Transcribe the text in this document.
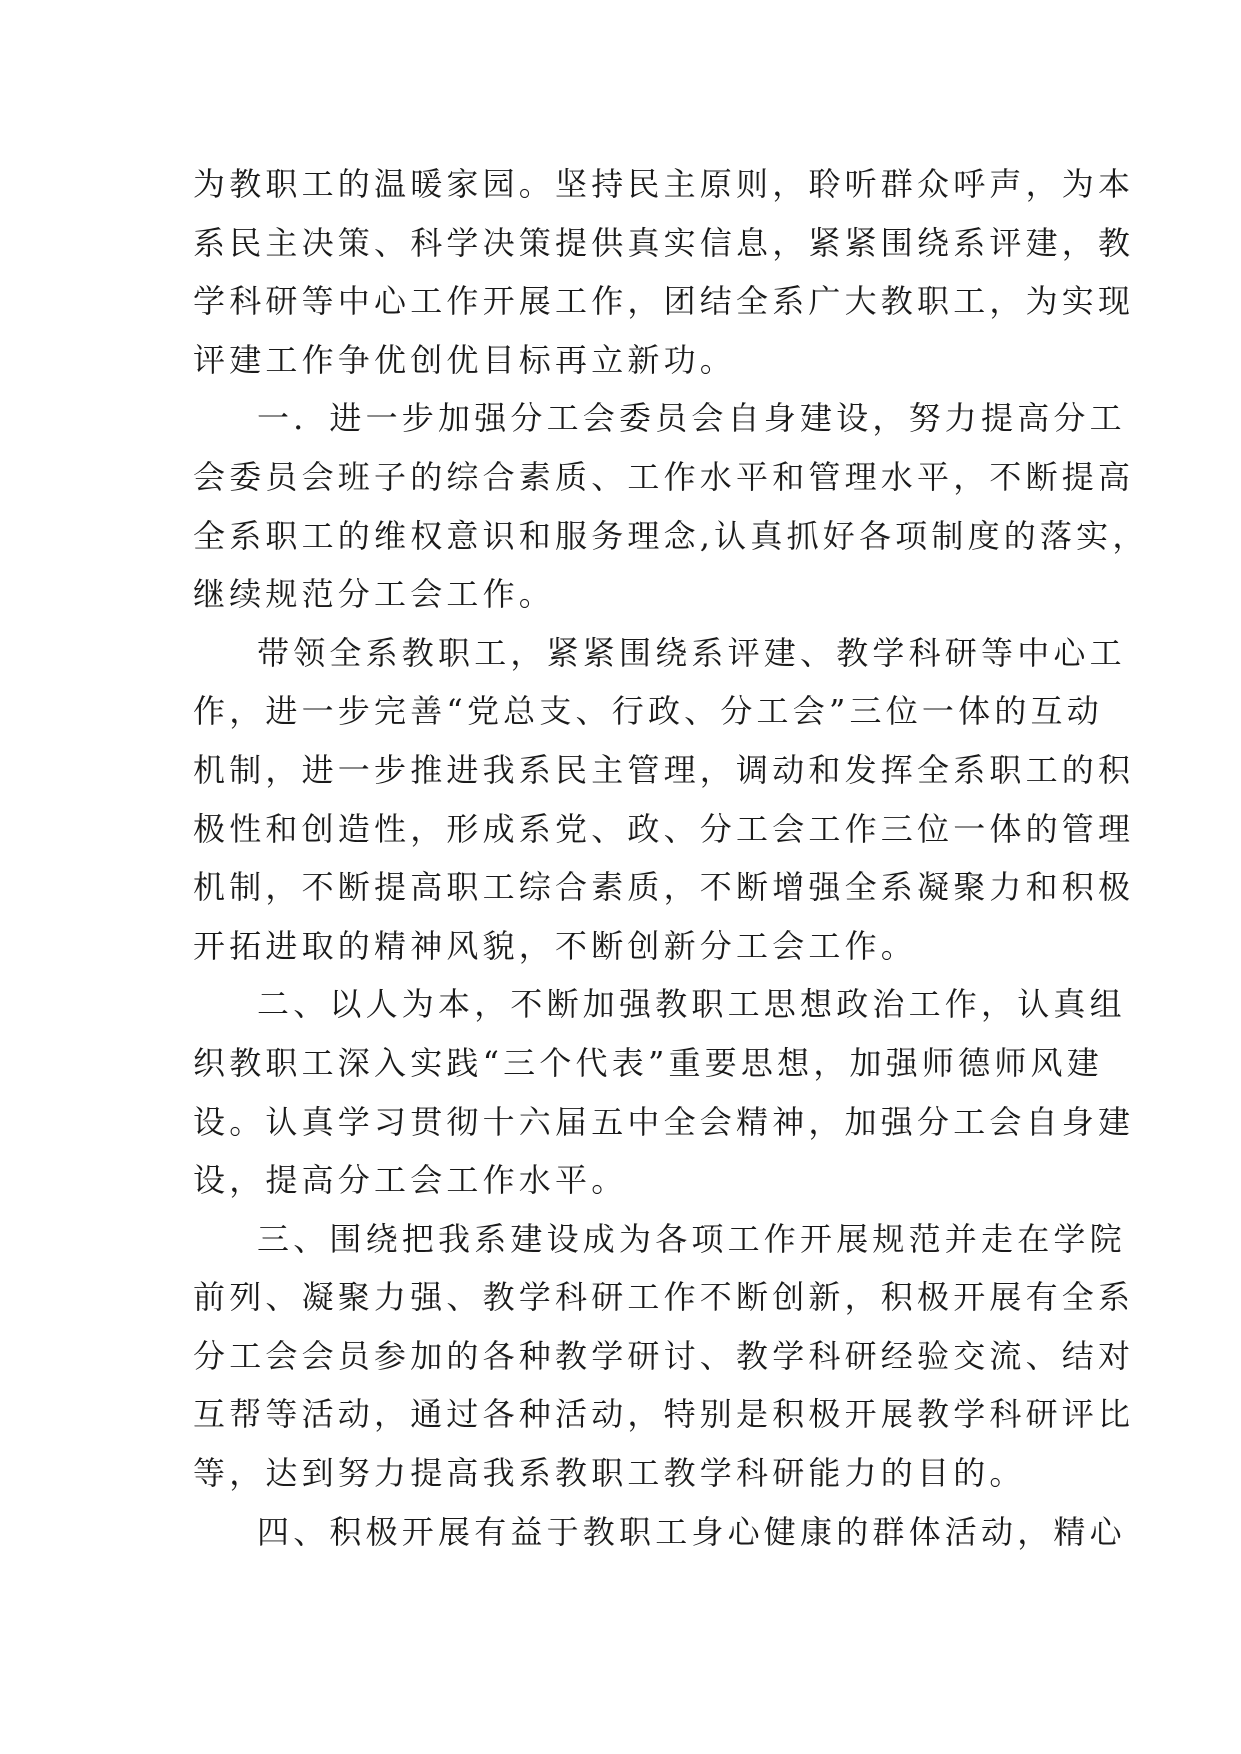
为教职工的温暖家园。坚持民主原则，聆听群众呼声，为本
系民主决策、科学决策提供真实信息，紧紧围绕系评建，教
学科研等中心工作开展工作，团结全系广大教职工，为实现
评建工作争优创优目标再立新功。
一．进一步加强分工会委员会自身建设，努力提高分工
会委员会班子的综合素质、工作水平和管理水平，不断提高
全系职工的维权意识和服务理念,认真抓好各项制度的落实，
继续规范分工会工作。
带领全系教职工，紧紧围绕系评建、教学科研等中心工
作，进一步完善“党总支、行政、分工会”三位一体的互动
机制，进一步推进我系民主管理，调动和发挥全系职工的积
极性和创造性，形成系党、政、分工会工作三位一体的管理
机制，不断提高职工综合素质，不断增强全系凝聚力和积极
开拓进取的精神风貌，不断创新分工会工作。
二、以人为本，不断加强教职工思想政治工作，认真组
织教职工深入实践“三个代表”重要思想，加强师德师风建
设。认真学习贯彻十六届五中全会精神，加强分工会自身建
设，提高分工会工作水平。
三、围绕把我系建设成为各项工作开展规范并走在学院
前列、凝聚力强、教学科研工作不断创新，积极开展有全系
分工会会员参加的各种教学研讨、教学科研经验交流、结对
互帮等活动，通过各种活动，特别是积极开展教学科研评比
等，达到努力提高我系教职工教学科研能力的目的。
四、积极开展有益于教职工身心健康的群体活动，精心
